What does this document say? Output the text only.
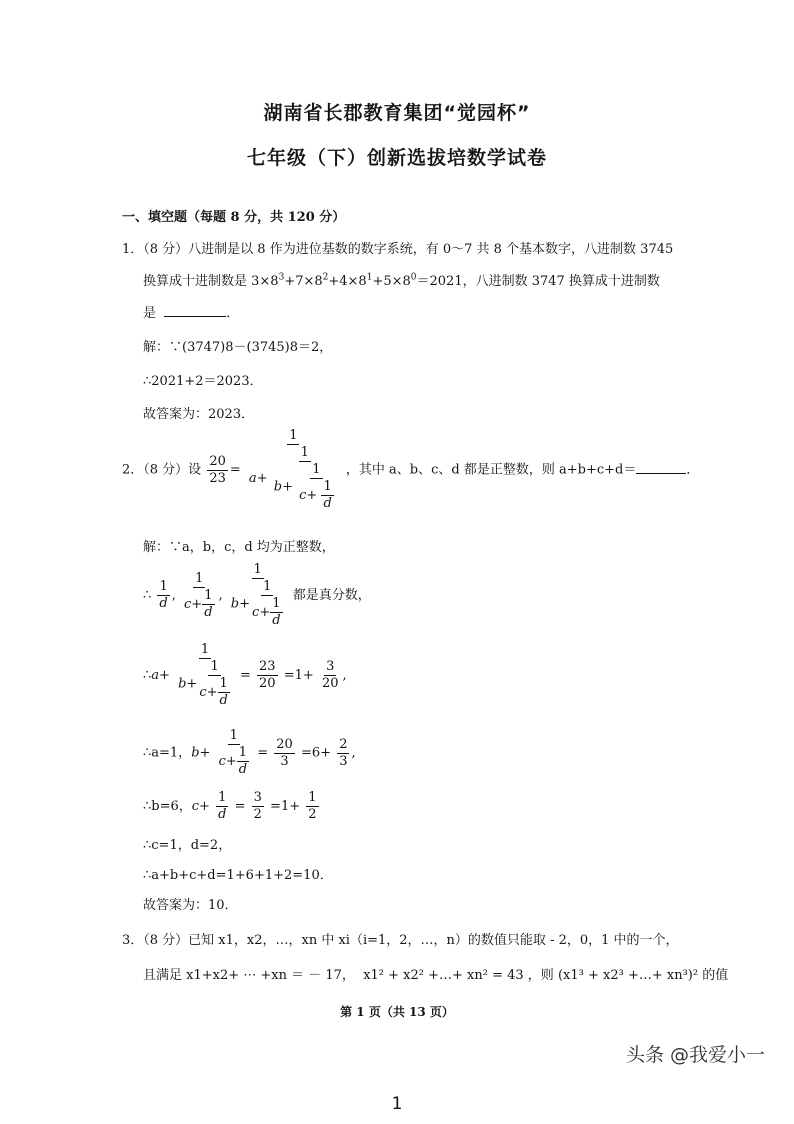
湖南省长郡教育集团“觉园杯”
七年级（下）创新选拔培数学试卷
一、填空题（每题 8 分，共 120 分）
1．（8 分）八进制是以 8 作为进位基数的数字系统，有 0～7 共 8 个基本数字，八进制数 3745
换算成十进制数是 $3\times 8^3+7\times 8^2+4\times 8^1+5\times 8^0=2021$，八进制数 3747 换算成十进制数
是	．
解：∵(3747)8－(3745)8＝2，
∴2021+2＝2023．
故答案为：2023．
2．（8 分）设 $\frac{20}{23}$ =
1
$a+ \frac{1}{b+ \frac{1}{c+ \frac{1}{d}}}$ ，其中 a、b、c、d 都是正整数，则 a+b+c+d＝	．
解：∵a，b，c，d 均为正整数，
∴ $\frac{1}{d}$ , $\frac{1}{c+ \frac{1}{d}}$ , $\frac{1}{b+ \frac{1}{c+ \frac{1}{d}}}$ 都是真分数，
∴a+ $\frac{1}{b+ \frac{1}{c+ \frac{1}{d}}} = \frac{23}{20} =1+ \frac{3}{20}$ ,
∴a=1，$b+ \frac{1}{c+ \frac{1}{d}} = \frac{20}{3} =6+ \frac{2}{3}$ ,
∴b=6，$c+ \frac{1}{d} = \frac{3}{2} =1+ \frac{1}{2}$
∴c=1，d=2，
∴a+b+c+d=1+6+1+2=10．
故答案为：10．
3．（8 分）已知 x1，x2，…，xn 中 xi（i=1，2，…，n）的数值只能取 - 2，0，1 中的一个，
且满足 x1+x2+ ⋯ +xn ＝ － 17， x1² + x2² +…+ xn² = 43 ，则 (x1³ + x2³ +…+ xn³)² 的值
第 1 页（共 13 页）
头条 @我爱小一
1
